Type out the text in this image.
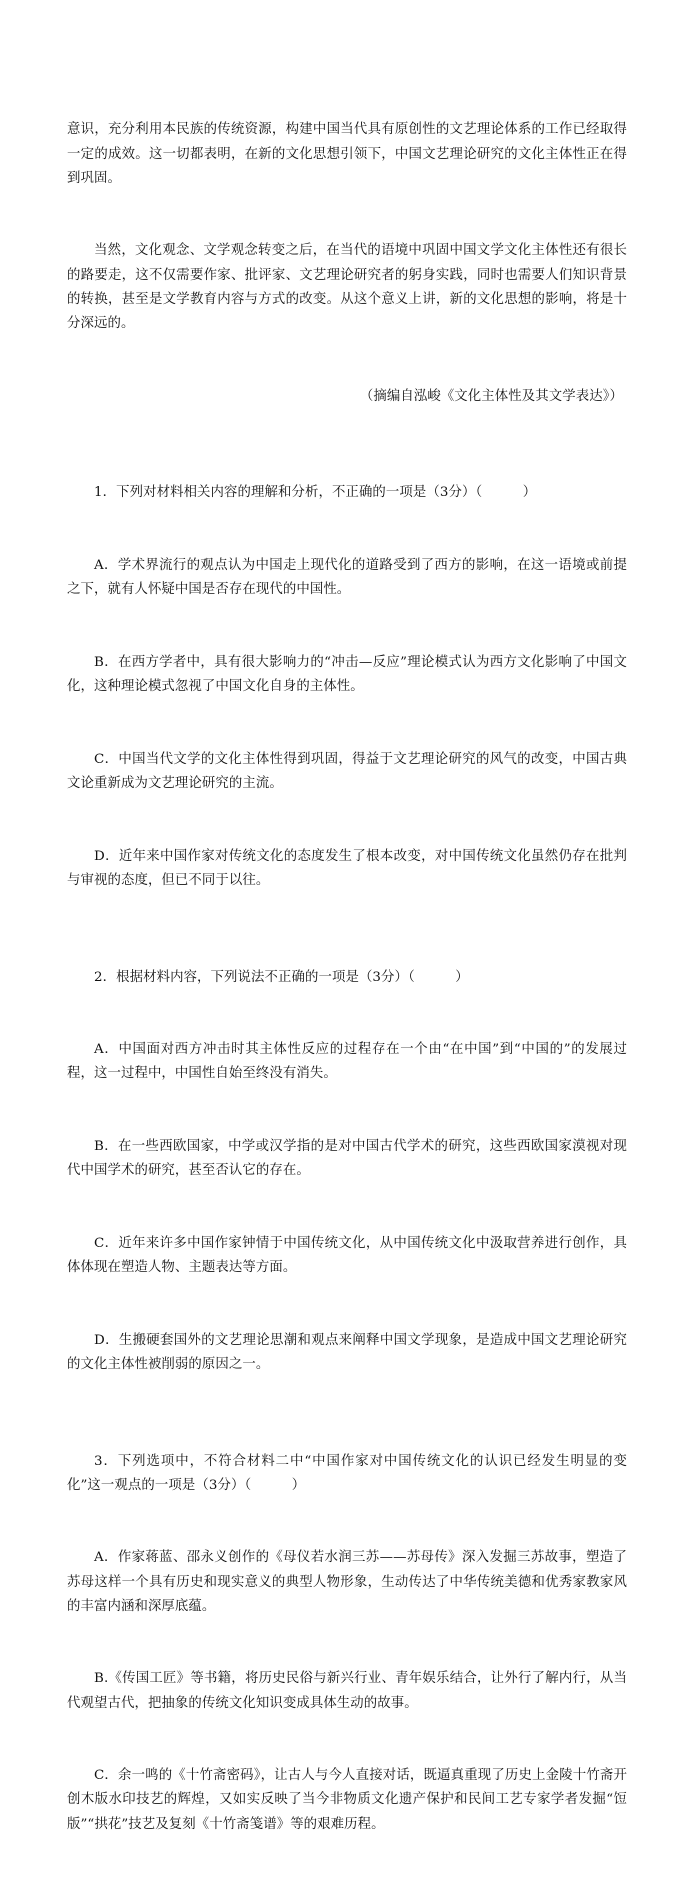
意识，充分利用本民族的传统资源，构建中国当代具有原创性的文艺理论体系的工作已经取得一定的成效。这一切都表明，在新的文化思想引领下，中国文艺理论研究的文化主体性正在得到巩固。

当然，文化观念、文学观念转变之后，在当代的语境中巩固中国文学文化主体性还有很长的路要走，这不仅需要作家、批评家、文艺理论研究者的躬身实践，同时也需要人们知识背景的转换，甚至是文学教育内容与方式的改变。从这个意义上讲，新的文化思想的影响，将是十分深远的。

（摘编自泓峻《文化主体性及其文学表达》）

1．下列对材料相关内容的理解和分析，不正确的一项是（3分）（　　　）

A．学术界流行的观点认为中国走上现代化的道路受到了西方的影响，在这一语境或前提之下，就有人怀疑中国是否存在现代的中国性。

B．在西方学者中，具有很大影响力的“冲击—反应”理论模式认为西方文化影响了中国文化，这种理论模式忽视了中国文化自身的主体性。

C．中国当代文学的文化主体性得到巩固，得益于文艺理论研究的风气的改变，中国古典文论重新成为文艺理论研究的主流。

D．近年来中国作家对传统文化的态度发生了根本改变，对中国传统文化虽然仍存在批判与审视的态度，但已不同于以往。

2．根据材料内容，下列说法不正确的一项是（3分）（　　　）

A．中国面对西方冲击时其主体性反应的过程存在一个由“在中国”到“中国的”的发展过程，这一过程中，中国性自始至终没有消失。

B．在一些西欧国家，中学或汉学指的是对中国古代学术的研究，这些西欧国家漠视对现代中国学术的研究，甚至否认它的存在。

C．近年来许多中国作家钟情于中国传统文化，从中国传统文化中汲取营养进行创作，具体体现在塑造人物、主题表达等方面。

D．生搬硬套国外的文艺理论思潮和观点来阐释中国文学现象，是造成中国文艺理论研究的文化主体性被削弱的原因之一。

3．下列选项中，不符合材料二中“中国作家对中国传统文化的认识已经发生明显的变化”这一观点的一项是（3分）（　　　）

A．作家蒋蓝、邵永义创作的《母仪若水润三苏——苏母传》深入发掘三苏故事，塑造了苏母这样一个具有历史和现实意义的典型人物形象，生动传达了中华传统美德和优秀家教家风的丰富内涵和深厚底蕴。

B.《传国工匠》等书籍，将历史民俗与新兴行业、青年娱乐结合，让外行了解内行，从当代观望古代，把抽象的传统文化知识变成具体生动的故事。

C．余一鸣的《十竹斋密码》，让古人与今人直接对话，既逼真重现了历史上金陵十竹斋开创木版水印技艺的辉煌，又如实反映了当今非物质文化遗产保护和民间工艺专家学者发掘“饾版”“拱花”技艺及复刻《十竹斋笺谱》等的艰难历程。
